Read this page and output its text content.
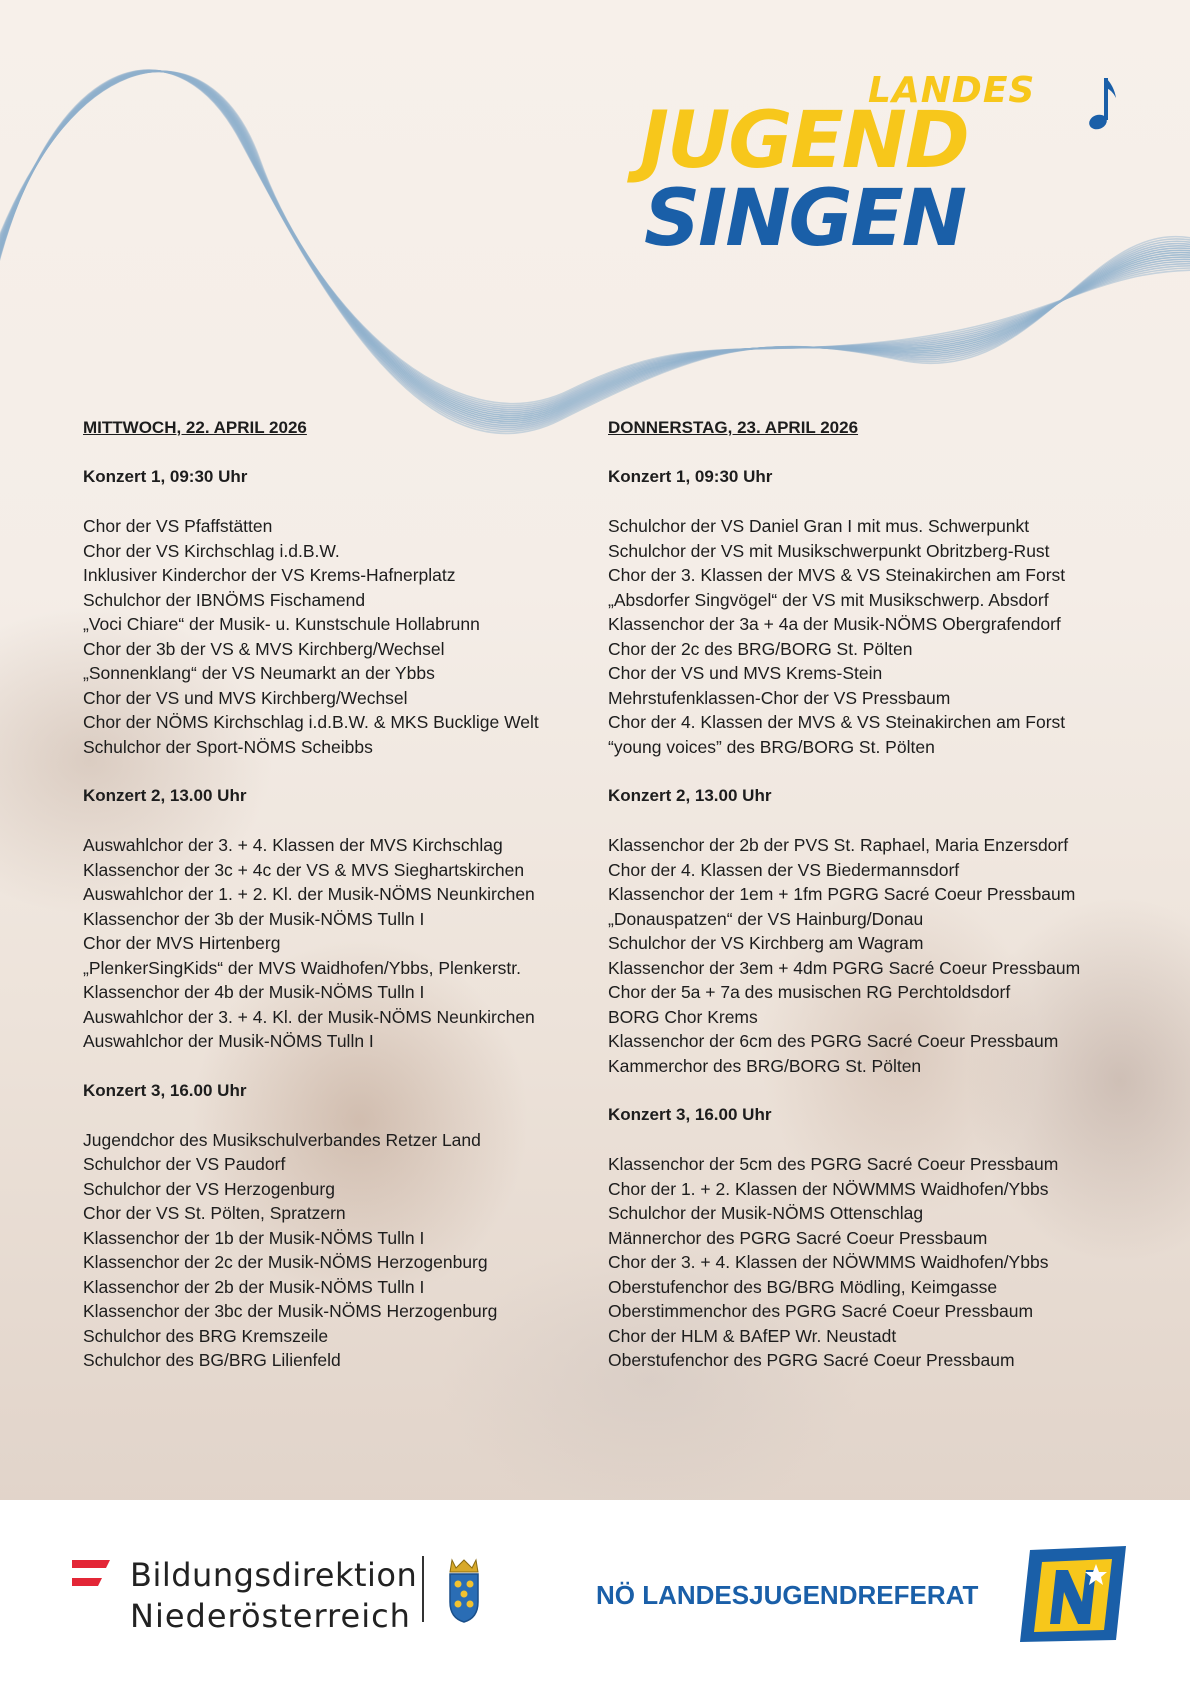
LANDES
JUGEND
SINGEN
MITTWOCH, 22. APRIL 2026
Konzert 1, 09:30 Uhr
Chor der VS Pfaffstätten
Chor der VS Kirchschlag i.d.B.W.
Inklusiver Kinderchor der VS Krems-Hafnerplatz
Schulchor der IBNÖMS Fischamend
„Voci Chiare“ der Musik- u. Kunstschule Hollabrunn
Chor der 3b der VS & MVS Kirchberg/Wechsel
„Sonnenklang“ der VS Neumarkt an der Ybbs
Chor der VS und MVS Kirchberg/Wechsel
Chor der NÖMS Kirchschlag i.d.B.W. & MKS Bucklige Welt
Schulchor der Sport-NÖMS Scheibbs
Konzert 2, 13.00 Uhr
Auswahlchor der 3. + 4. Klassen der MVS Kirchschlag
Klassenchor der 3c + 4c der VS & MVS Sieghartskirchen
Auswahlchor der 1. + 2. Kl. der Musik-NÖMS Neunkirchen
Klassenchor der 3b der Musik-NÖMS Tulln I
Chor der MVS Hirtenberg
„PlenkerSingKids“ der MVS Waidhofen/Ybbs, Plenkerstr.
Klassenchor der 4b der Musik-NÖMS Tulln I
Auswahlchor der 3. + 4. Kl. der Musik-NÖMS Neunkirchen
Auswahlchor der Musik-NÖMS Tulln I
Konzert 3, 16.00 Uhr
Jugendchor des Musikschulverbandes Retzer Land
Schulchor der VS Paudorf
Schulchor der VS Herzogenburg
Chor der VS St. Pölten, Spratzern
Klassenchor der 1b der Musik-NÖMS Tulln I
Klassenchor der 2c der Musik-NÖMS Herzogenburg
Klassenchor der 2b der Musik-NÖMS Tulln I
Klassenchor der 3bc der Musik-NÖMS Herzogenburg
Schulchor des BRG Kremszeile
Schulchor des BG/BRG Lilienfeld
DONNERSTAG, 23. APRIL 2026
Konzert 1, 09:30 Uhr
Schulchor der VS Daniel Gran I mit mus. Schwerpunkt
Schulchor der VS mit Musikschwerpunkt Obritzberg-Rust
Chor der 3. Klassen der MVS & VS Steinakirchen am Forst
„Absdorfer Singvögel“ der VS mit Musikschwerp. Absdorf
Klassenchor der 3a + 4a der Musik-NÖMS Obergrafendorf
Chor der 2c des BRG/BORG St. Pölten
Chor der VS und MVS Krems-Stein
Mehrstufenklassen-Chor der VS Pressbaum
Chor der 4. Klassen der MVS & VS Steinakirchen am Forst
“young voices” des BRG/BORG St. Pölten
Konzert 2, 13.00 Uhr
Klassenchor der 2b der PVS St. Raphael, Maria Enzersdorf
Chor der 4. Klassen der VS Biedermannsdorf
Klassenchor der 1em + 1fm PGRG Sacré Coeur Pressbaum
„Donauspatzen“ der VS Hainburg/Donau
Schulchor der VS Kirchberg am Wagram
Klassenchor der 3em + 4dm PGRG Sacré Coeur Pressbaum
Chor der 5a + 7a des musischen RG Perchtoldsdorf
BORG Chor Krems
Klassenchor der 6cm des PGRG Sacré Coeur Pressbaum
Kammerchor des BRG/BORG St. Pölten
Konzert 3, 16.00 Uhr
Klassenchor der 5cm des PGRG Sacré Coeur Pressbaum
Chor der 1. + 2. Klassen der NÖWMMS Waidhofen/Ybbs
Schulchor der Musik-NÖMS Ottenschlag
Männerchor des PGRG Sacré Coeur Pressbaum
Chor der 3. + 4. Klassen der NÖWMMS Waidhofen/Ybbs
Oberstufenchor des BG/BRG Mödling, Keimgasse
Oberstimmenchor des PGRG Sacré Coeur Pressbaum
Chor der HLM & BAfEP Wr. Neustadt
Oberstufenchor des PGRG Sacré Coeur Pressbaum
Bildungsdirektion
Niederösterreich
NÖ LANDESJUGENDREFERAT
